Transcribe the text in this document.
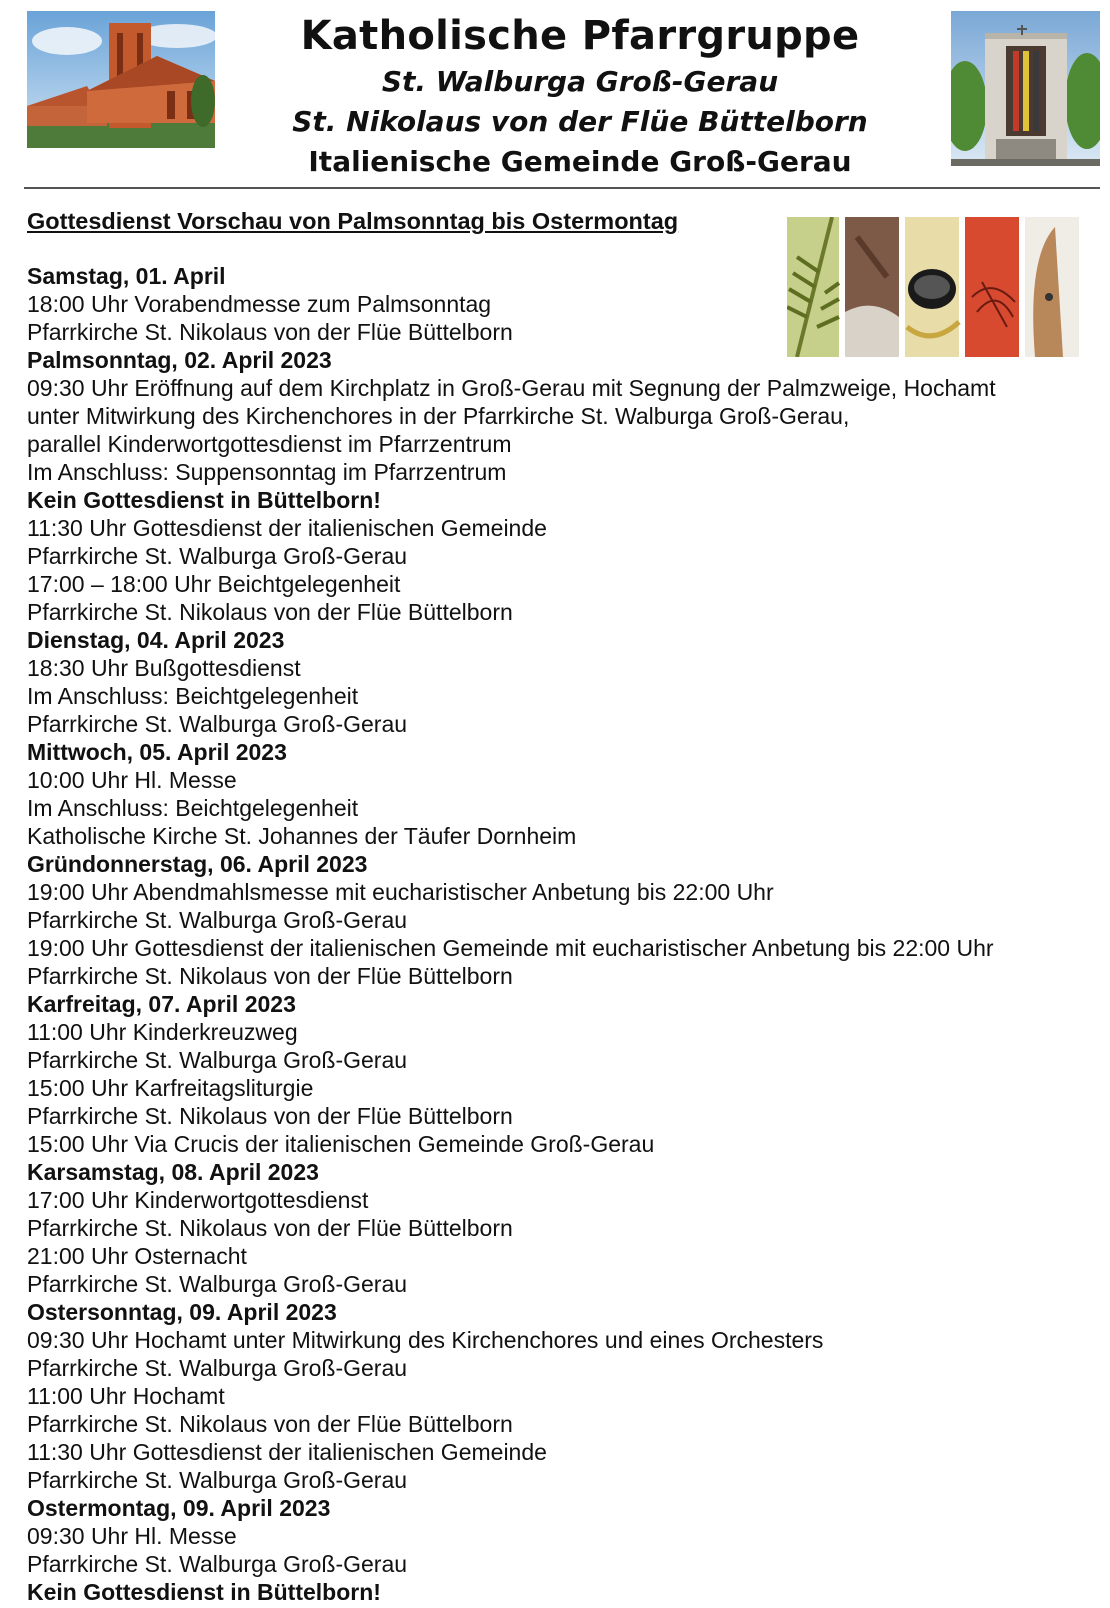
Katholische Pfarrgruppe
St. Walburga Groß-Gerau
St. Nikolaus von der Flüe Büttelborn
Italienische Gemeinde Groß-Gerau
Gottesdienst Vorschau von Palmsonntag bis Ostermontag
Samstag, 01. April
18:00 Uhr Vorabendmesse zum Palmsonntag
Pfarrkirche St. Nikolaus von der Flüe Büttelborn
Palmsonntag, 02. April 2023
09:30 Uhr Eröffnung auf dem Kirchplatz in Groß-Gerau mit Segnung der Palmzweige, Hochamt
unter Mitwirkung des Kirchenchores in der Pfarrkirche St. Walburga Groß-Gerau,
parallel Kinderwortgottesdienst im Pfarrzentrum
Im Anschluss: Suppensonntag im Pfarrzentrum
Kein Gottesdienst in Büttelborn!
11:30 Uhr Gottesdienst der italienischen Gemeinde
Pfarrkirche St. Walburga Groß-Gerau
17:00 – 18:00 Uhr Beichtgelegenheit
Pfarrkirche St. Nikolaus von der Flüe Büttelborn
Dienstag, 04. April 2023
18:30 Uhr Bußgottesdienst
Im Anschluss: Beichtgelegenheit
Pfarrkirche St. Walburga Groß-Gerau
Mittwoch, 05. April 2023
10:00 Uhr Hl. Messe
Im Anschluss: Beichtgelegenheit
Katholische Kirche St. Johannes der Täufer Dornheim
Gründonnerstag, 06. April 2023
19:00 Uhr Abendmahlsmesse mit eucharistischer Anbetung bis 22:00 Uhr
Pfarrkirche St. Walburga Groß-Gerau
19:00 Uhr Gottesdienst der italienischen Gemeinde mit eucharistischer Anbetung bis 22:00 Uhr
Pfarrkirche St. Nikolaus von der Flüe Büttelborn
Karfreitag, 07. April 2023
11:00 Uhr Kinderkreuzweg
Pfarrkirche St. Walburga Groß-Gerau
15:00 Uhr Karfreitagsliturgie
Pfarrkirche St. Nikolaus von der Flüe Büttelborn
15:00 Uhr Via Crucis der italienischen Gemeinde Groß-Gerau
Karsamstag, 08. April 2023
17:00 Uhr Kinderwortgottesdienst
Pfarrkirche St. Nikolaus von der Flüe Büttelborn
21:00 Uhr Osternacht
Pfarrkirche St. Walburga Groß-Gerau
Ostersonntag, 09. April 2023
09:30 Uhr Hochamt unter Mitwirkung des Kirchenchores und eines Orchesters
Pfarrkirche St. Walburga Groß-Gerau
11:00 Uhr Hochamt
Pfarrkirche St. Nikolaus von der Flüe Büttelborn
11:30 Uhr Gottesdienst der italienischen Gemeinde
Pfarrkirche St. Walburga Groß-Gerau
Ostermontag, 09. April 2023
09:30 Uhr Hl. Messe
Pfarrkirche St. Walburga Groß-Gerau
Kein Gottesdienst in Büttelborn!
